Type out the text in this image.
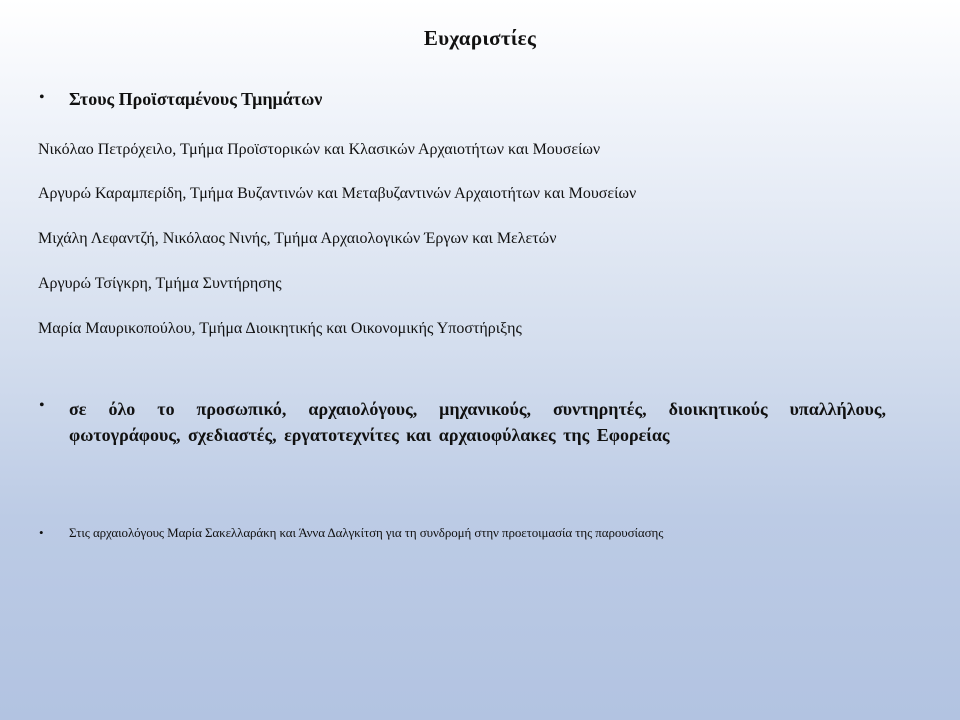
Ευχαριστίες
•	Στους Προϊσταμένους Τμημάτων
Νικόλαο Πετρόχειλο, Τμήμα Προϊστορικών και Κλασικών Αρχαιοτήτων και Μουσείων
Αργυρώ Καραμπερίδη, Τμήμα Βυζαντινών και Μεταβυζαντινών Αρχαιοτήτων και Μουσείων
Μιχάλη Λεφαντζή, Νικόλαος Νινής, Τμήμα Αρχαιολογικών Έργων και Μελετών
Αργυρώ Τσίγκρη, Τμήμα Συντήρησης
Μαρία Μαυρικοπούλου, Τμήμα Διοικητικής και Οικονομικής Υποστήριξης
•	σε όλο το προσωπικό, αρχαιολόγους, μηχανικούς, συντηρητές, διοικητικούς υπαλλήλους, φωτογράφους, σχεδιαστές, εργατοτεχνίτες και αρχαιοφύλακες της Εφορείας
•	Στις αρχαιολόγους Μαρία Σακελλαράκη και Άννα Δαλγκίτση για τη συνδρομή στην προετοιμασία της παρουσίασης
